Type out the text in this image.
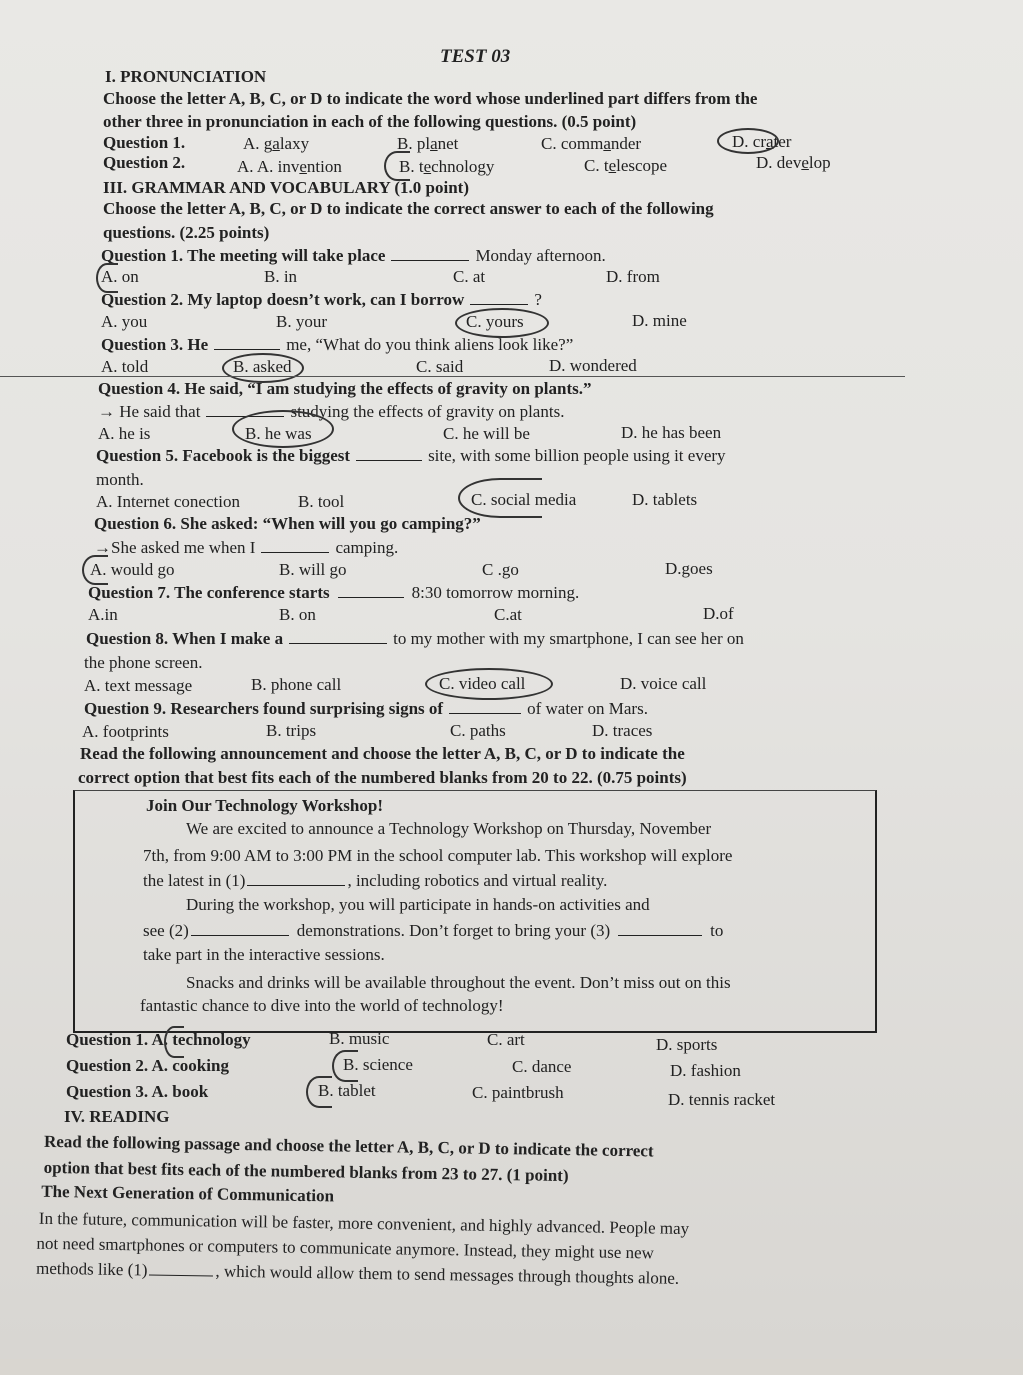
TEST 03
I. PRONUNCIATION
Choose the letter A, B, C, or D to indicate the word whose underlined part differs from the
other three in pronunciation in each of the following questions. (0.5 point)
Question 1.	A. galaxy	B. planet	C. commander	D. crater
Question 2.	A. A. invention	B. technology	C. telescope	D. develop
III. GRAMMAR AND VOCABULARY (1.0 point)
Choose the letter A, B, C, or D to indicate the correct answer to each of the following
questions. (2.25 points)
Question 1. The meeting will take place	Monday afternoon.
A. on	B. in	C. at	D. from
Question 2. My laptop doesn’t work, can I borrow	?
A. you	B. your	C. yours	D. mine
Question 3. He	me, “What do you think aliens look like?”
A. told	B. asked	C. said	D. wondered
Question 4. He said, “I am studying the effects of gravity on plants.”
→ He said that	studying the effects of gravity on plants.
A. he is	B. he was	C. he will be	D. he has been
Question 5. Facebook is the biggest	site, with some billion people using it every
month.
A. Internet conection	B. tool	C. social media	D. tablets
Question 6. She asked: “When will you go camping?”
→She asked me when I	camping.
A. would go	B. will go	C .go	D.goes
Question 7. The conference starts	8:30 tomorrow morning.
A.in	B. on	C.at	D.of
Question 8. When I make a	to my mother with my smartphone, I can see her on
the phone screen.
A. text message	B. phone call	C. video call	D. voice call
Question 9. Researchers found surprising signs of	of water on Mars.
A. footprints	B. trips	C. paths	D. traces
Read the following announcement and choose the letter A, B, C, or D to indicate the
correct option that best fits each of the numbered blanks from 20 to 22. (0.75 points)
Join Our Technology Workshop!
We are excited to announce a Technology Workshop on Thursday, November
7th, from 9:00 AM to 3:00 PM in the school computer lab. This workshop will explore
the latest in (1)	, including robotics and virtual reality.
During the workshop, you will participate in hands-on activities and
see (2)	demonstrations. Don’t forget to bring your (3)	to
take part in the interactive sessions.
Snacks and drinks will be available throughout the event. Don’t miss out on this
fantastic chance to dive into the world of technology!
Question 1. A. technology	B. music	C. art	D. sports
Question 2. A. cooking	B. science	C. dance	D. fashion
Question 3. A. book	B. tablet	C. paintbrush	D. tennis racket
IV. READING
Read the following passage and choose the letter A, B, C, or D to indicate the correct
option that best fits each of the numbered blanks from 23 to 27. (1 point)
The Next Generation of Communication
In the future, communication will be faster, more convenient, and highly advanced. People may
not need smartphones or computers to communicate anymore. Instead, they might use new
methods like (1)	, which would allow them to send messages through thoughts alone.
